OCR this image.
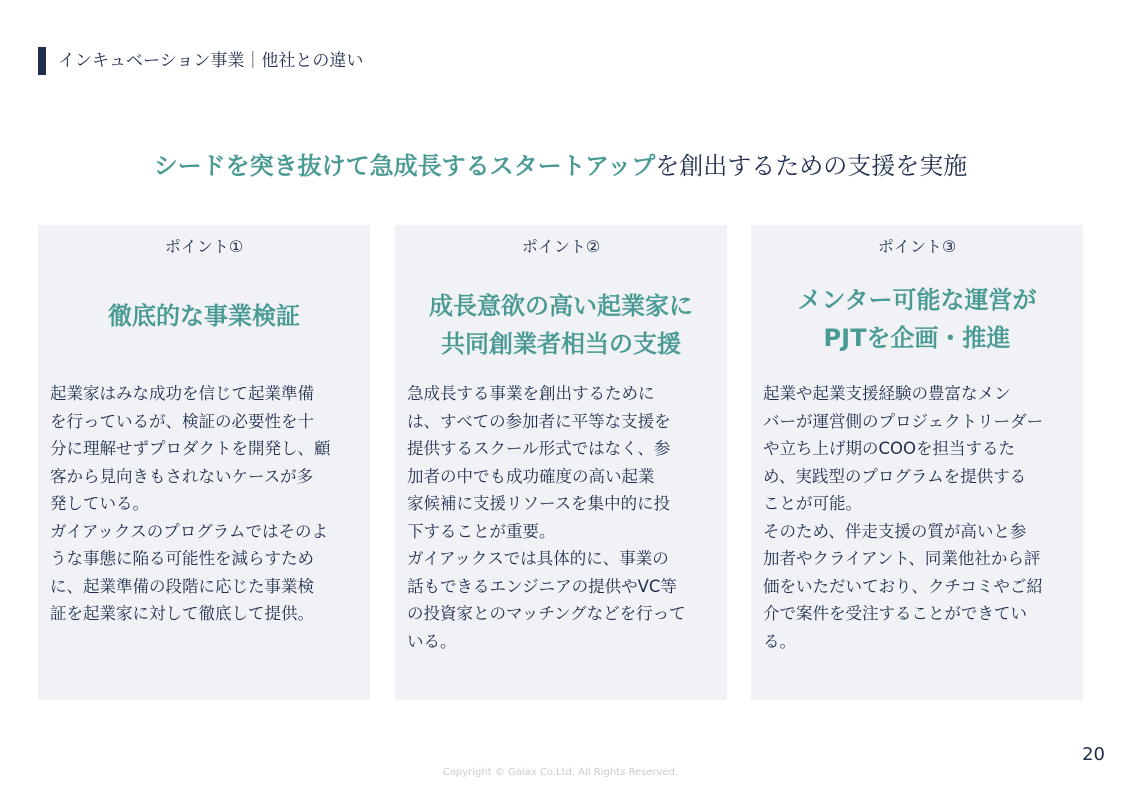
インキュベーション事業｜他社との違い
シードを突き抜けて急成長するスタートアップを創出するための支援を実施
ポイント①
徹底的な事業検証
起業家はみな成功を信じて起業準備
を行っているが、検証の必要性を十
分に理解せずプロダクトを開発し、顧
客から見向きもされないケースが多
発している。
ガイアックスのプログラムではそのよ
うな事態に陥る可能性を減らすため
に、起業準備の段階に応じた事業検
証を起業家に対して徹底して提供。
ポイント②
成長意欲の高い起業家に
共同創業者相当の支援
急成長する事業を創出するために
は、すべての参加者に平等な支援を
提供するスクール形式ではなく、参
加者の中でも成功確度の高い起業
家候補に支援リソースを集中的に投
下することが重要。
ガイアックスでは具体的に、事業の
話もできるエンジニアの提供やVC等
の投資家とのマッチングなどを行って
いる。
ポイント③
メンター可能な運営が
PJTを企画・推進
起業や起業支援経験の豊富なメン
バーが運営側のプロジェクトリーダー
や立ち上げ期のCOOを担当するた
め、実践型のプログラムを提供する
ことが可能。
そのため、伴走支援の質が高いと参
加者やクライアント、同業他社から評
価をいただいており、クチコミやご紹
介で案件を受注することができてい
る。
20
Copyright © Gaiax Co.Ltd. All Rights Reserved.
